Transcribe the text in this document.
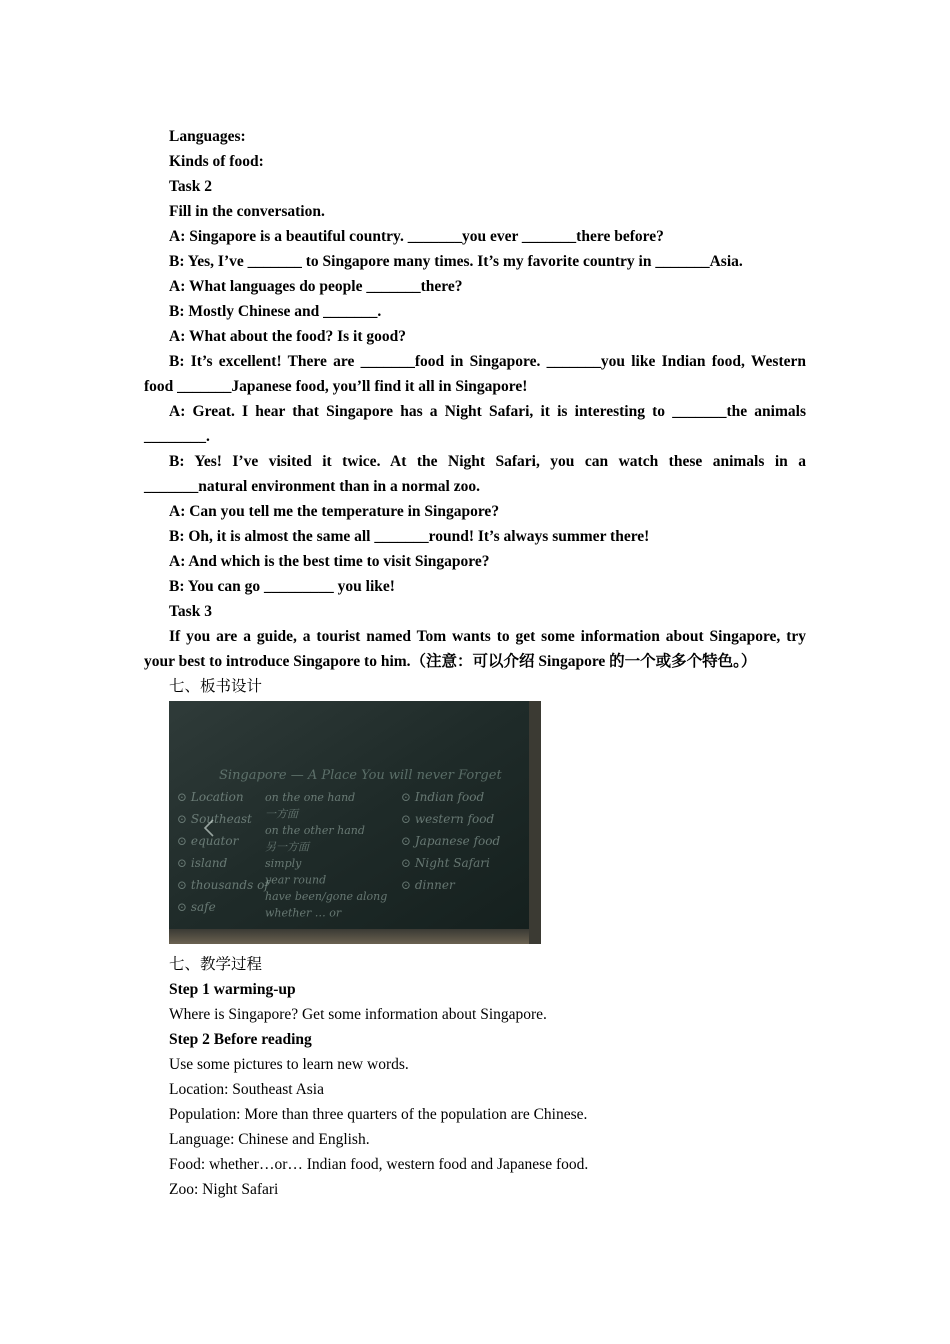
Languages:

Kinds of food:

Task 2

Fill in the conversation.

A: Singapore is a beautiful country. _______you ever _______there before?

B: Yes, I’ve _______ to Singapore many times. It’s my favorite country in _______Asia.

A: What languages do people _______there?

B: Mostly Chinese and _______.

A: What about the food? Is it good?

B: It’s excellent! There are _______food in Singapore. _______you like Indian food, Western food _______Japanese food, you’ll find it all in Singapore!

A: Great. I hear that Singapore has a Night Safari, it is interesting to _______the animals ________.

B: Yes! I’ve visited it twice. At the Night Safari, you can watch these animals in a _______natural environment than in a normal zoo.

A: Can you tell me the temperature in Singapore?

B: Oh, it is almost the same all _______round! It’s always summer there!

A: And which is the best time to visit Singapore?

B: You can go _________ you like!

Task 3

If you are a guide, a tourist named Tom wants to get some information about Singapore, try your best to introduce Singapore to him.（注意：可以介绍 Singapore 的一个或多个特色。）

七、板书设计

Singapore — A Place You will never Forget
⊙ Location
⊙ Southeast
⊙ equator
⊙ island
⊙ thousands of
⊙ safe
on the one hand
一方面
on the other hand
另一方面
simply
year round
have been/gone along
whether … or
⊙ Indian food
⊙ western food
⊙ Japanese food
⊙ Night Safari
⊙ dinner

七、教学过程

Step 1 warming-up

Where is Singapore? Get some information about Singapore.

Step 2 Before reading

Use some pictures to learn new words.

Location: Southeast Asia

Population: More than three quarters of the population are Chinese.

Language: Chinese and English.

Food: whether…or… Indian food, western food and Japanese food.

Zoo: Night Safari
